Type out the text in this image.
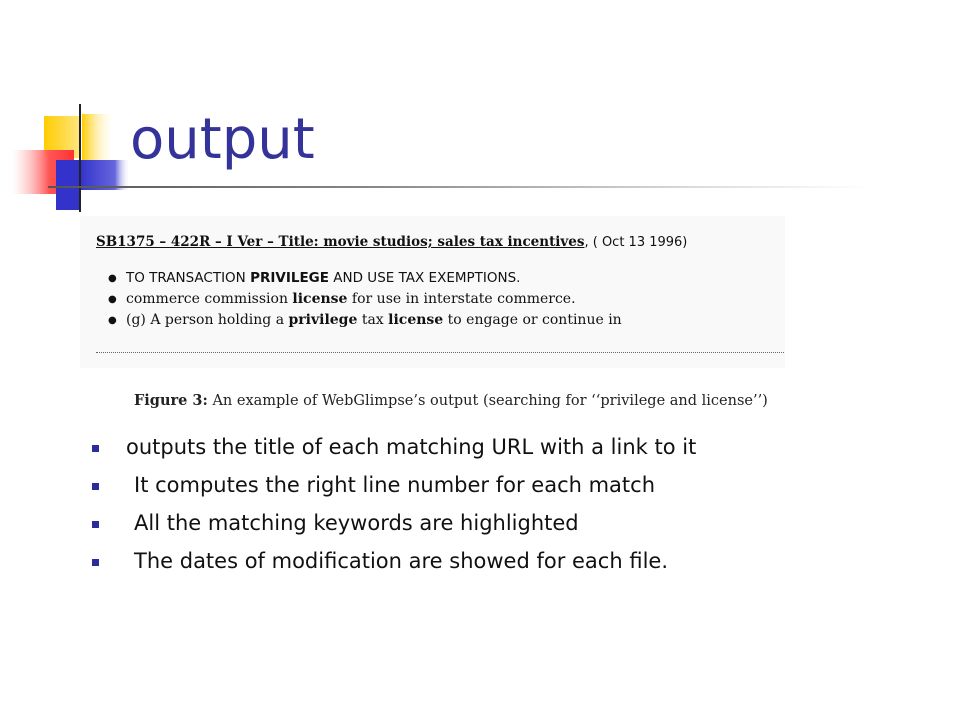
output
SB1375 – 422R – I Ver – Title: movie studios; sales tax incentives, ( Oct 13 1996)
● TO TRANSACTION PRIVILEGE AND USE TAX EXEMPTIONS.
● commerce commission license for use in interstate commerce.
● (g) A person holding a privilege tax license to engage or continue in
Figure 3: An example of WebGlimpse’s output (searching for ‘‘privilege and license’’)
outputs the title of each matching URL with a link to it
It computes the right line number for each match
All the matching keywords are highlighted
The dates of modification are showed for each file.
